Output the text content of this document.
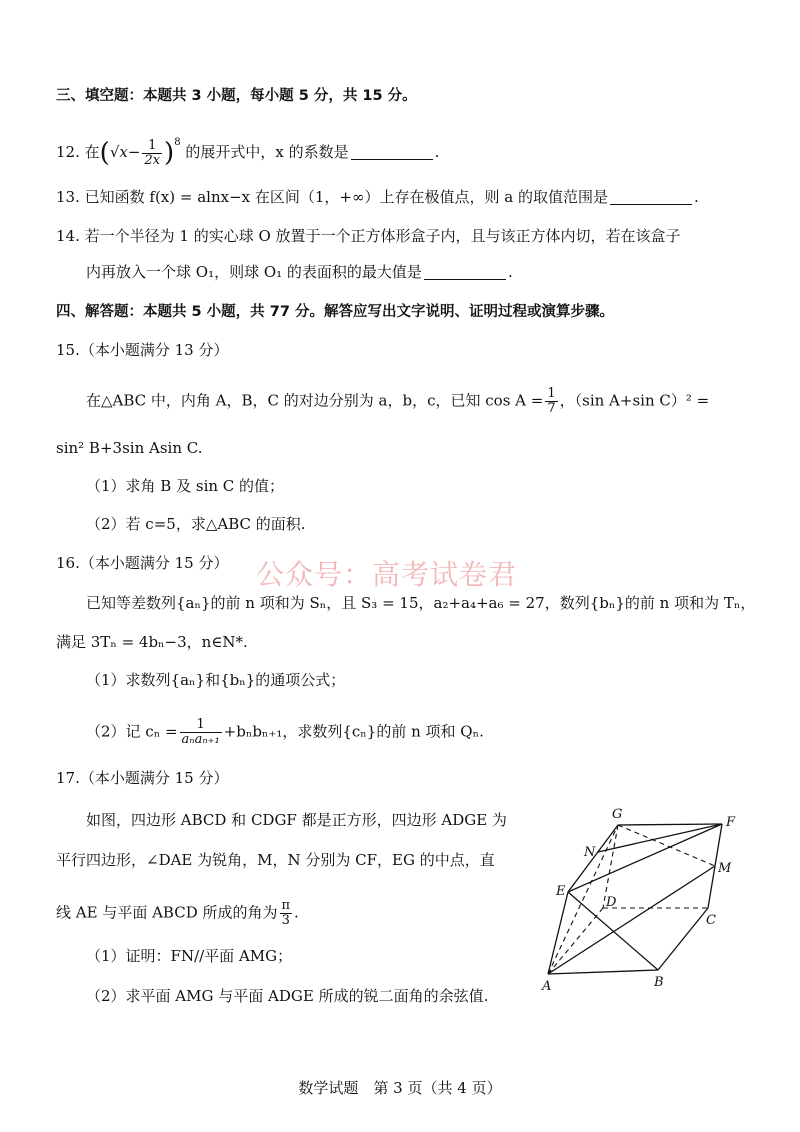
三、填空题：本题共 3 小题，每小题 5 分，共 15 分。
12. 在$(√x- \frac{1}{2x} )^8$ 的展开式中，x 的系数是	.
13. 已知函数 f(x) = alnx−x 在区间（1，+∞）上存在极值点，则 a 的取值范围是	.
14. 若一个半径为 1 的实心球 O 放置于一个正方体形盒子内，且与该正方体内切，若在该盒子
内再放入一个球 O₁，则球 O₁ 的表面积的最大值是	.
四、解答题：本题共 5 小题，共 77 分。解答应写出文字说明、证明过程或演算步骤。
15.（本小题满分 13 分）
在△ABC 中，内角 A，B，C 的对边分别为 a，b，c，已知 $\cos A = \frac{1}{7}$ ，（sin A+sin C）² =
sin² B+3sin Asin C.
（1）求角 B 及 sin C 的值；
（2）若 c=5，求△ABC 的面积.
公众号：高考试卷君
16.（本小题满分 15 分）
已知等差数列{aₙ}的前 n 项和为 Sₙ，且 S₃ = 15，a₂+a₄+a₆ = 27，数列{bₙ}的前 n 项和为 Tₙ，
满足 3Tₙ = 4bₙ−3，n∈N*.
（1）求数列{aₙ}和{bₙ}的通项公式；
（2）记 $c_n = \frac{1}{\text{aₙaₙ₊₁}} +b_nb_{n+1}$，求数列{cₙ}的前 n 项和 Qₙ.
17.（本小题满分 15 分）
如图，四边形 ABCD 和 CDGF 都是正方形，四边形 ADGE 为
平行四边形，∠DAE 为锐角，M，N 分别为 CF，EG 的中点，直
线 AE 与平面 ABCD 所成的角为 $\frac{\pi}{3}$ .
（1）证明：FN//平面 AMG；
（2）求平面 AMG 与平面 ADGE 所成的锐二面角的余弦值.
G
F
N
M
E
D
C
A	B
数学试题　第 3 页（共 4 页）
